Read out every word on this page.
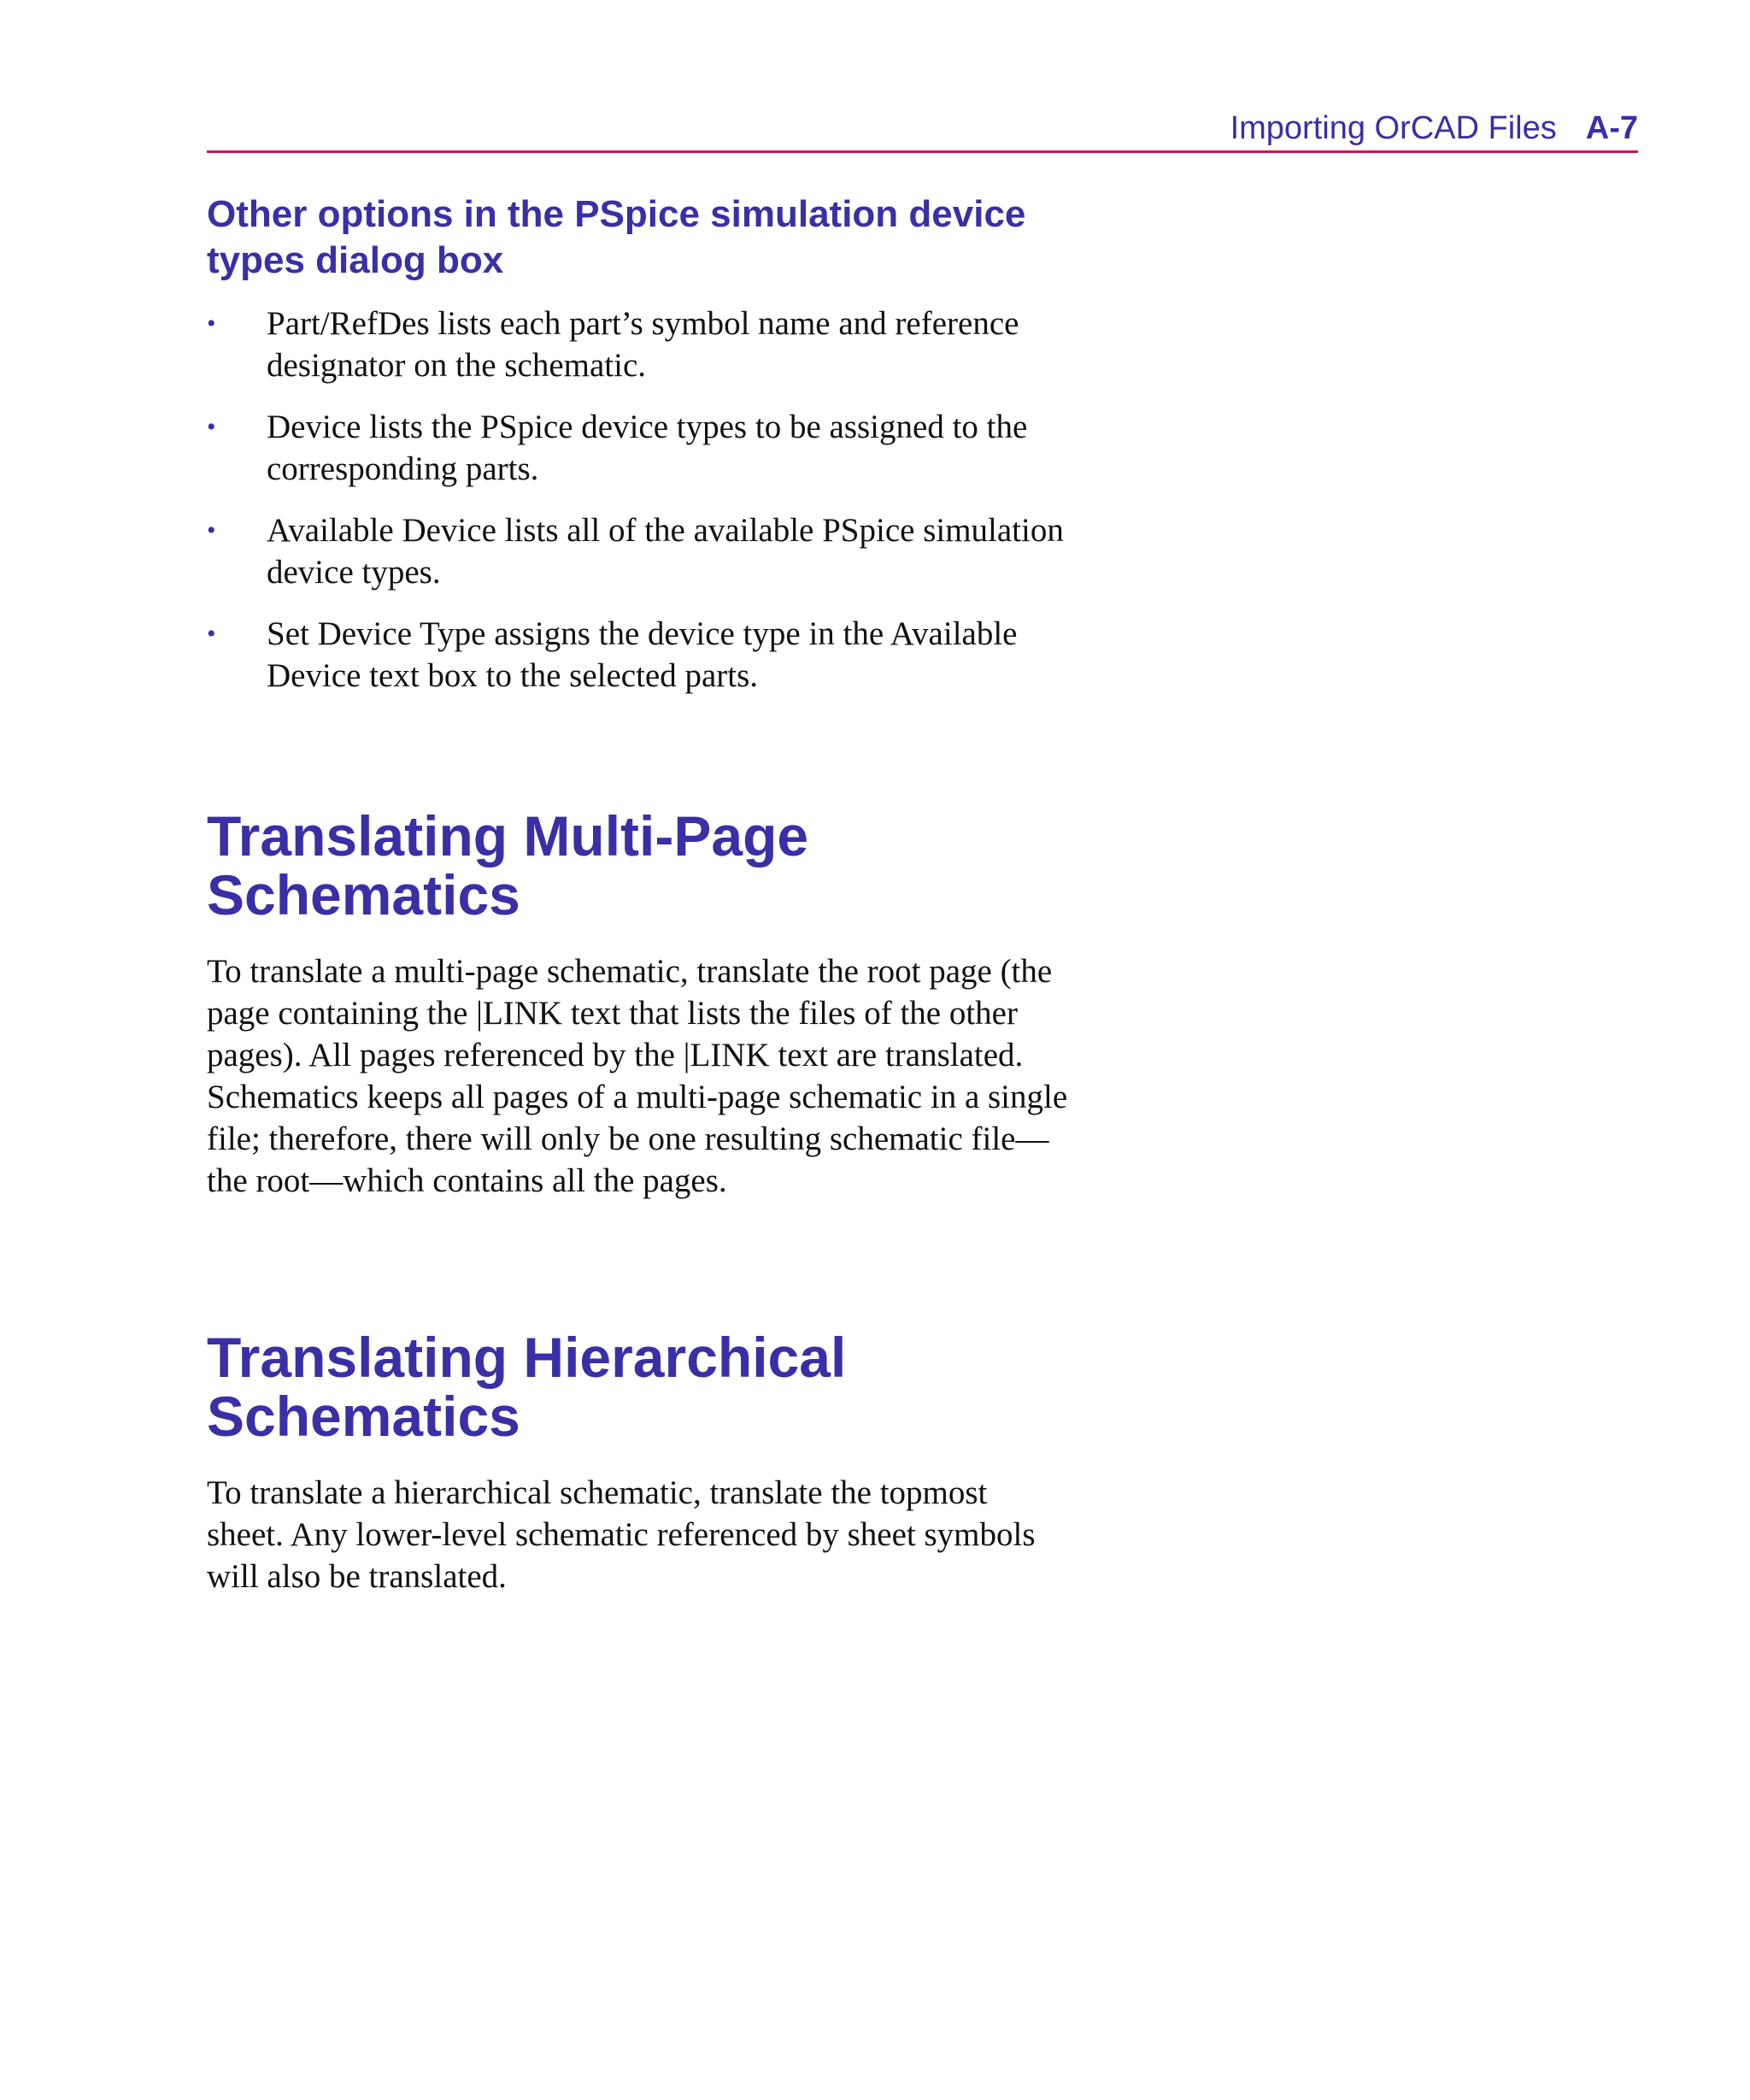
Importing OrCAD Files A-7
Other options in the PSpice simulation device
types dialog box
• Part/RefDes lists each part’s symbol name and reference
designator on the schematic.
• Device lists the PSpice device types to be assigned to the
corresponding parts.
• Available Device lists all of the available PSpice simulation
device types.
• Set Device Type assigns the device type in the Available
Device text box to the selected parts.
Translating Multi-Page
Schematics

To translate a multi-page schematic, translate the root page (the
page containing the |LINK text that lists the files of the other
pages). All pages referenced by the |LINK text are translated.
Schematics keeps all pages of a multi-page schematic in a single
file; therefore, there will only be one resulting schematic file—
the root—which contains all the pages.

Translating Hierarchical
Schematics

To translate a hierarchical schematic, translate the topmost
sheet. Any lower-level schematic referenced by sheet symbols
will also be translated.
